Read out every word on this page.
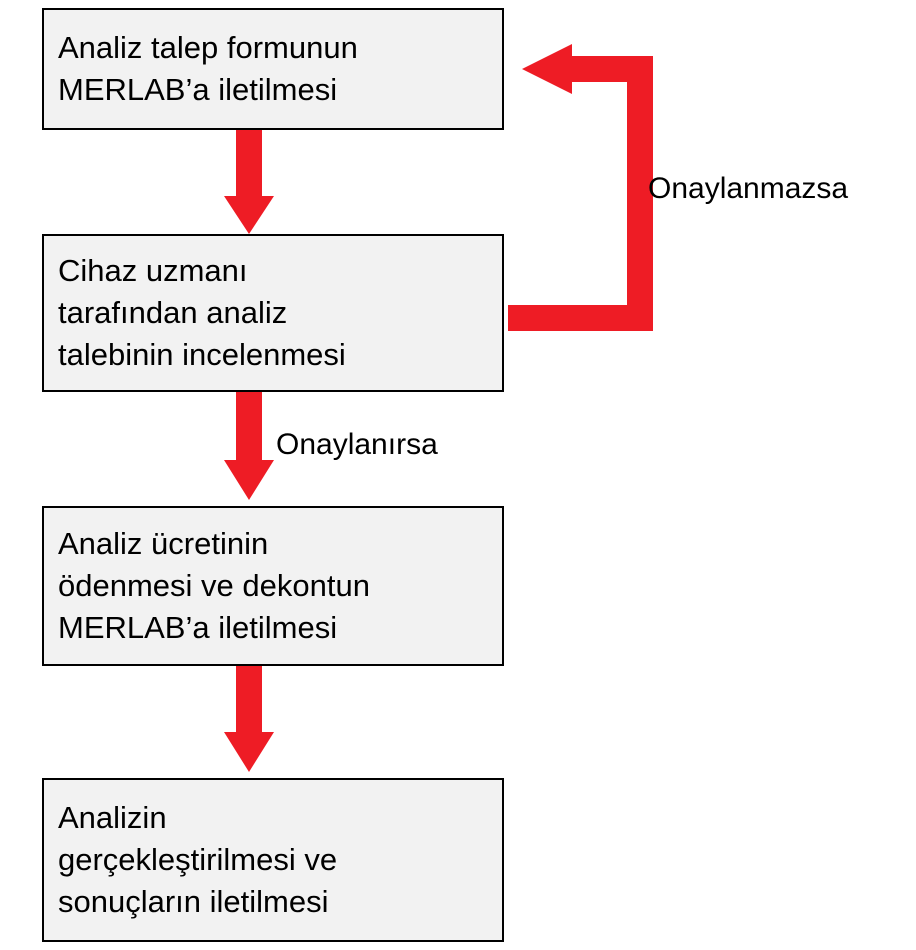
Analiz talep formunun
MERLAB’a iletilmesi
Cihaz uzmanı
tarafından analiz
talebinin incelenmesi
Analiz ücretinin
ödenmesi ve dekontun
MERLAB’a iletilmesi
Analizin
gerçekleştirilmesi ve
sonuçların iletilmesi
Onaylanmazsa
Onaylanırsa
